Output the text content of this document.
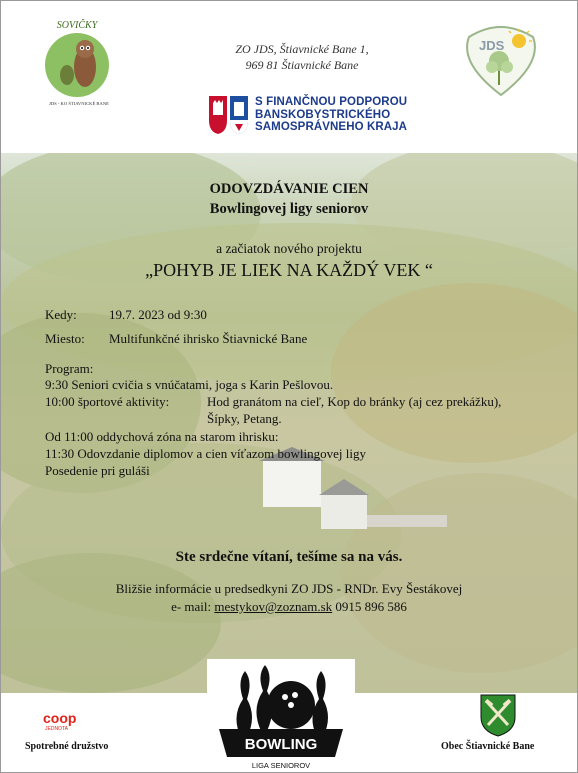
SOVIČKY
JDS - KO ŠTIAVNICKÉ BANE
ZO JDS, Štiavnické Bane 1,
969 81 Štiavnické Bane
JDS
S FINANČNOU PODPOROU
BANSKOBYSTRICKÉHO
SAMOSPRÁVNEHO KRAJA
ODOVZDÁVANIE CIEN
Bowlingovej ligy seniorov
a začiatok nového projektu
„POHYB JE LIEK NA KAŽDÝ VEK “
Kedy: 19.7. 2023 od 9:30
Miesto: Multifunkčné ihrisko Štiavnické Bane
Program:
9:30 Seniori cvičia s vnúčatami, joga s Karin Pešlovou.
10:00 športové aktivity:	Hod granátom na cieľ, Kop do bránky (aj cez prekážku),
Šípky, Petang.
Od 11:00 oddychová zóna na starom ihrisku:
11:30 Odovzdanie diplomov a cien víťazom bowlingovej ligy
Posedenie pri guláši
Ste srdečne vítaní, tešíme sa na vás.
Bližšie informácie u predsedkyni ZO JDS - RNDr. Evy Šestákovej
e- mail: mestykov@zoznam.sk 0915 896 586
coop
JEDNOTA
Spotrebné družstvo	BOWLING
LIGA SENIOROV
Obec Štiavnické Bane
